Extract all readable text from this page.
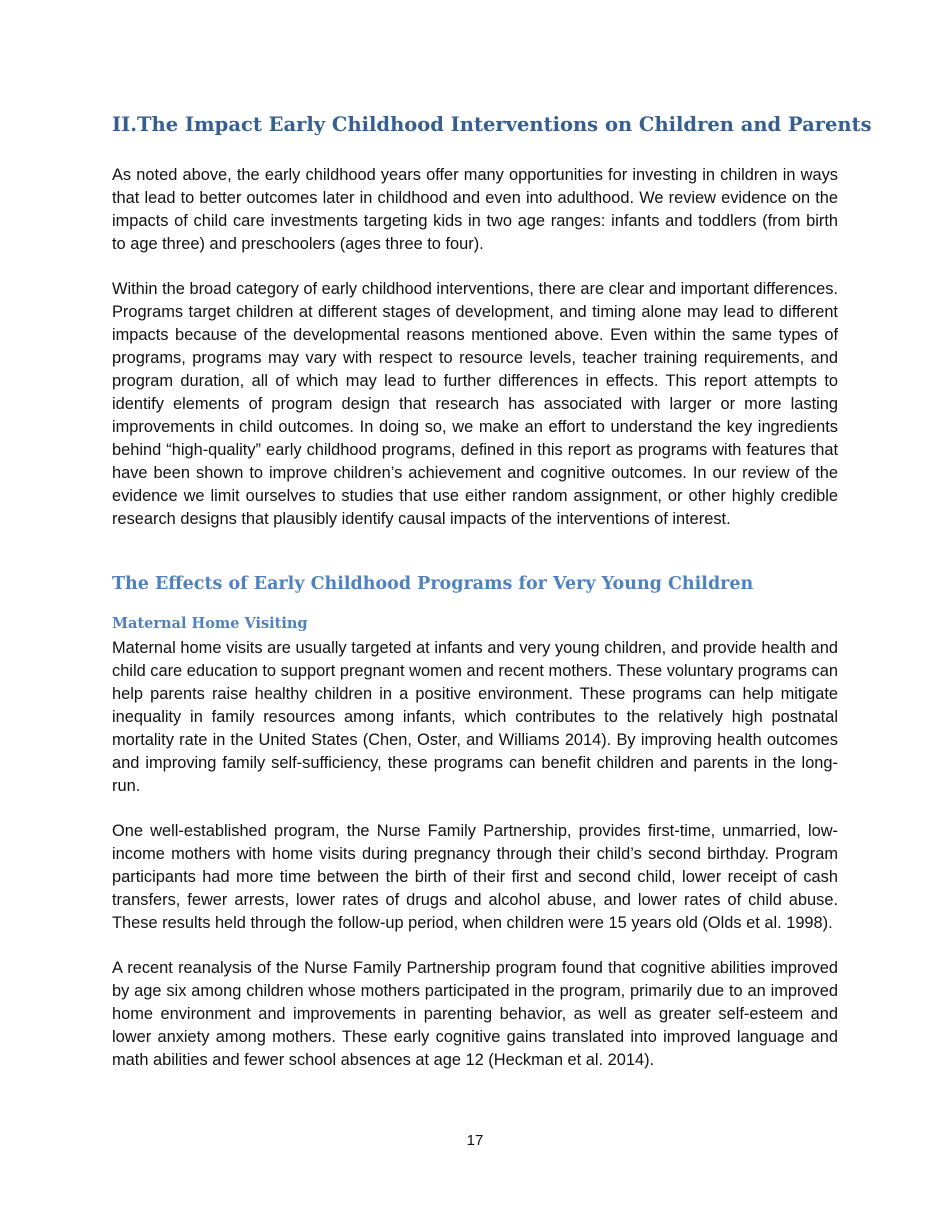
II. The Impact Early Childhood Interventions on Children and Parents

As noted above, the early childhood years offer many opportunities for investing in children in ways that lead to better outcomes later in childhood and even into adulthood. We review evidence on the impacts of child care investments targeting kids in two age ranges: infants and toddlers (from birth to age three) and preschoolers (ages three to four).

Within the broad category of early childhood interventions, there are clear and important differences. Programs target children at different stages of development, and timing alone may lead to different impacts because of the developmental reasons mentioned above. Even within the same types of programs, programs may vary with respect to resource levels, teacher training requirements, and program duration, all of which may lead to further differences in effects. This report attempts to identify elements of program design that research has associated with larger or more lasting improvements in child outcomes. In doing so, we make an effort to understand the key ingredients behind “high-quality” early childhood programs, defined in this report as programs with features that have been shown to improve children’s achievement and cognitive outcomes. In our review of the evidence we limit ourselves to studies that use either random assignment, or other highly credible research designs that plausibly identify causal impacts of the interventions of interest.

The Effects of Early Childhood Programs for Very Young Children
Maternal Home Visiting

Maternal home visits are usually targeted at infants and very young children, and provide health and child care education to support pregnant women and recent mothers. These voluntary programs can help parents raise healthy children in a positive environment. These programs can help mitigate inequality in family resources among infants, which contributes to the relatively high postnatal mortality rate in the United States (Chen, Oster, and Williams 2014). By improving health outcomes and improving family self-sufficiency, these programs can benefit children and parents in the long-run.

One well-established program, the Nurse Family Partnership, provides first-time, unmarried, low-income mothers with home visits during pregnancy through their child’s second birthday. Program participants had more time between the birth of their first and second child, lower receipt of cash transfers, fewer arrests, lower rates of drugs and alcohol abuse, and lower rates of child abuse. These results held through the follow-up period, when children were 15 years old (Olds et al. 1998).

A recent reanalysis of the Nurse Family Partnership program found that cognitive abilities improved by age six among children whose mothers participated in the program, primarily due to an improved home environment and improvements in parenting behavior, as well as greater self-esteem and lower anxiety among mothers. These early cognitive gains translated into improved language and math abilities and fewer school absences at age 12 (Heckman et al. 2014).

17
